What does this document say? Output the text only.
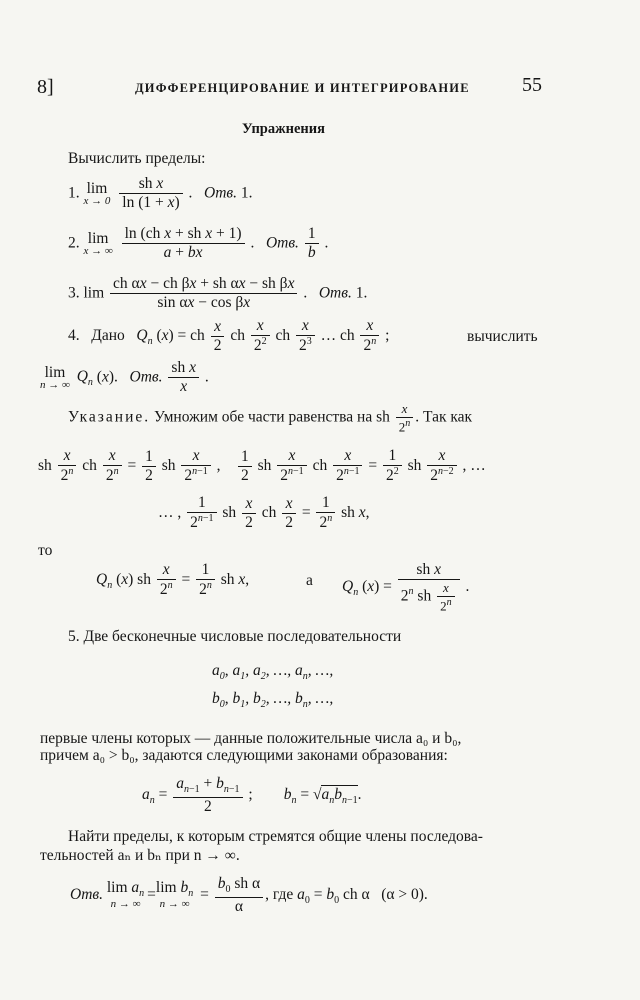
8]	ДИФФЕРЕНЦИРОВАНИЕ И ИНТЕГРИРОВАНИЕ	55
Упражнения
Вычислить пределы:
1. lim
x → 0
$\frac{\text{sh x}}{\ln (1 + x)}$ .   Отв. 1.
2. lim
x → ∞
$\frac{\text{ln (ch x + sh x + 1)}}{a + bx}$ .   Отв. $\frac{1}{b}$ .
3. $\lim \frac{\text{ch αx − ch βx + sh αx − sh βx}}{\text{sin αx − cos βx}}$ .   Отв. 1.
4. Дано $Q_n$ (x) = ch $\frac{x}{2}$ ch $\frac{x}{2^2}$ ch $\frac{x}{2^3}$ … ch $\frac{x}{2^n}$ ;	вычислить
lim
n → ∞ $Q_n$ (x).   Отв. $\frac{\text{sh x}}{x}$ .
Указание. Умножим обе части равенства на sh $\frac{x}{2^n}$ . Так как
sh $\frac{x}{2^n}$ ch $\frac{x}{2^n} = \frac{1}{2}$ sh $\frac{x}{2^{n-1}}$ , $\frac{1}{2}$ sh $\frac{x}{2^{n-1}}$ ch $\frac{x}{2^{n-1}} = \frac{1}{2^2}$ sh $\frac{x}{2^{n-2}}$ , …
… , $\frac{1}{2^{n-1}}$ sh $\frac{x}{2}$ ch $\frac{x}{2} = \frac{1}{2^n}$ sh x,
то
$Q_n$ (x) sh $\frac{x}{2^n} = \frac{1}{2^n}$ sh x,	а $Q_n$ $(x) = \frac{\text{sh x}}{2^n sh \frac{x}{2^n}}$ .
5. Две бесконечные числовые последовательности
$a_0$, $a_1$, $a_2$, …, $a_n$, …,
$b_0$, $b_1$, $b_2$, …, $b_n$, …,
первые члены которых — данные положительные числа a₀ и b₀,
причем a₀ > b₀, задаются следующими законами образования:
$a_n = \frac{a_{n-1} + b_{n-1}}{2}$ ;        $b_n = √a_nb_{n-1}$.
Найти пределы, к которым стремятся общие члены последова-
тельностей aₙ и bₙ при n → ∞.
Отв. $\lim a_n$
n → ∞
=lim $b_n$
n → ∞
= $\frac{b_0 sh \alpha}{\alpha}$ , где $a_0 = b_0$ ch α   (α > 0).
